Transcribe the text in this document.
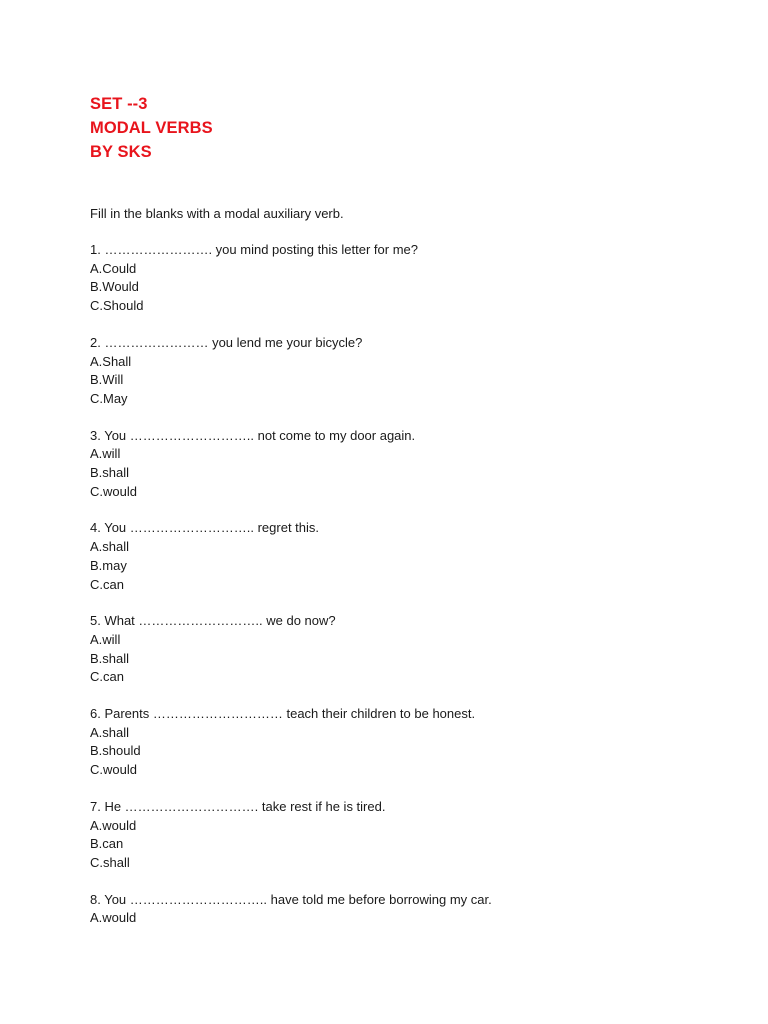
SET --3

MODAL VERBS

BY SKS

Fill in the blanks with a modal auxiliary verb.

1. ……………………. you mind posting this letter for me?

A.Could

B.Would

C.Should

2. …………………… you lend me your bicycle?

A.Shall

B.Will

C.May

3. You ……………………….. not come to my door again.

A.will

B.shall

C.would

4. You ……………………….. regret this.

A.shall

B.may

C.can

5. What ……………………….. we do now?

A.will

B.shall

C.can

6. Parents ………………………… teach their children to be honest.

A.shall

B.should

C.would

7. He …………………………. take rest if he is tired.

A.would

B.can

C.shall

8. You ………………………….. have told me before borrowing my car.

A.would
